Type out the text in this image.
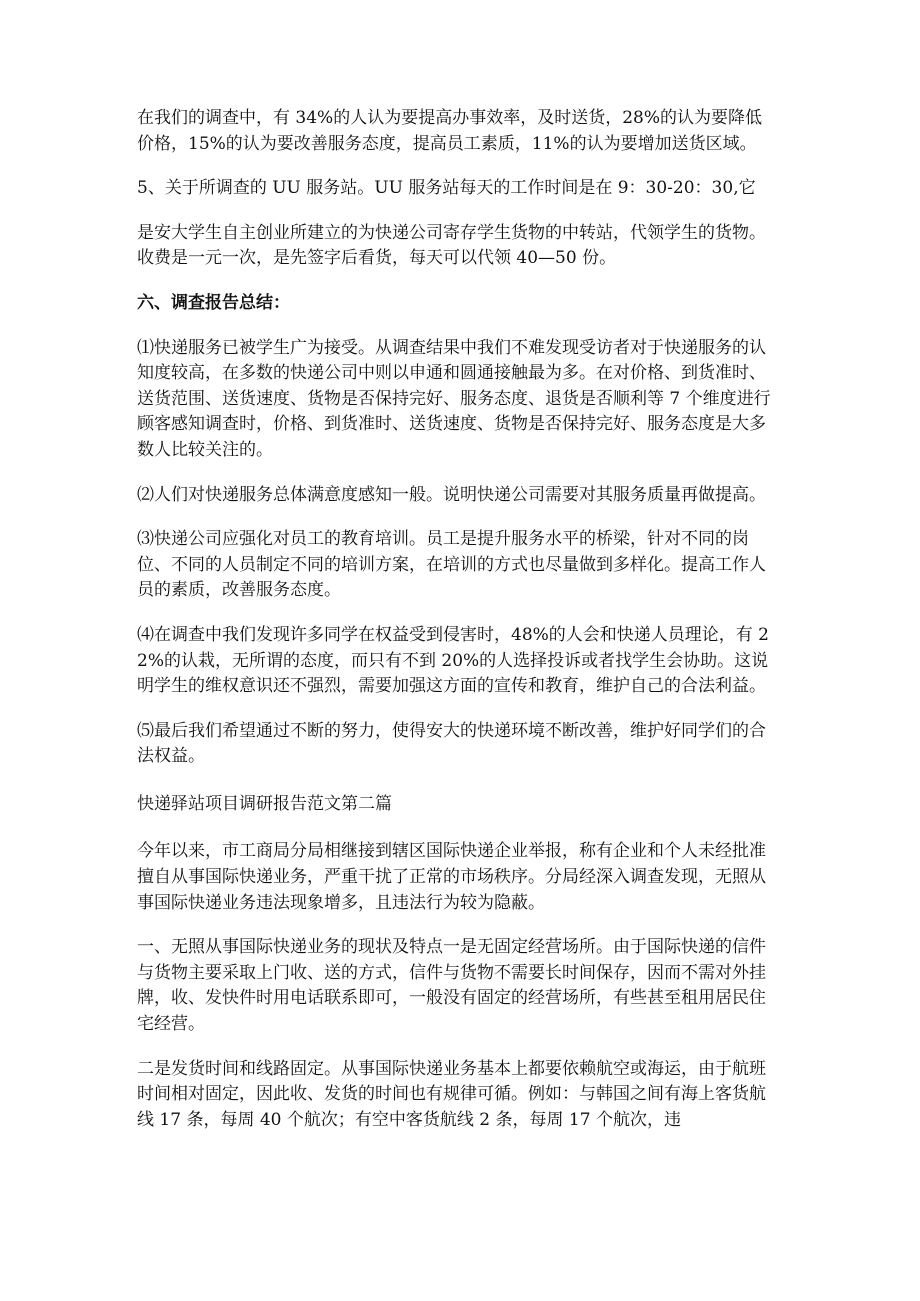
在我们的调查中，有 34%的人认为要提高办事效率，及时送货，28%的认为要降低价格，15%的认为要改善服务态度，提高员工素质，11%的认为要增加送货区域。

5、关于所调查的 UU 服务站。UU 服务站每天的工作时间是在 9：30-20：30,它

是安大学生自主创业所建立的为快递公司寄存学生货物的中转站，代领学生的货物。收费是一元一次，是先签字后看货，每天可以代领 40—50 份。

六、调查报告总结：

⑴快递服务已被学生广为接受。从调查结果中我们不难发现受访者对于快递服务的认知度较高，在多数的快递公司中则以申通和圆通接触最为多。在对价格、到货准时、送货范围、送货速度、货物是否保持完好、服务态度、退货是否顺利等 7 个维度进行顾客感知调查时，价格、到货准时、送货速度、货物是否保持完好、服务态度是大多数人比较关注的。

⑵人们对快递服务总体满意度感知一般。说明快递公司需要对其服务质量再做提高。

⑶快递公司应强化对员工的教育培训。员工是提升服务水平的桥梁，针对不同的岗位、不同的人员制定不同的培训方案，在培训的方式也尽量做到多样化。提高工作人员的素质，改善服务态度。

⑷在调查中我们发现许多同学在权益受到侵害时，48%的人会和快递人员理论，有 22%的认栽，无所谓的态度，而只有不到 20%的人选择投诉或者找学生会协助。这说明学生的维权意识还不强烈，需要加强这方面的宣传和教育，维护自己的合法利益。

⑸最后我们希望通过不断的努力，使得安大的快递环境不断改善，维护好同学们的合法权益。

快递驿站项目调研报告范文第二篇

今年以来，市工商局分局相继接到辖区国际快递企业举报，称有企业和个人未经批准擅自从事国际快递业务，严重干扰了正常的市场秩序。分局经深入调查发现，无照从事国际快递业务违法现象增多，且违法行为较为隐蔽。

一、无照从事国际快递业务的现状及特点一是无固定经营场所。由于国际快递的信件与货物主要采取上门收、送的方式，信件与货物不需要长时间保存，因而不需对外挂牌，收、发快件时用电话联系即可，一般没有固定的经营场所，有些甚至租用居民住宅经营。

二是发货时间和线路固定。从事国际快递业务基本上都要依赖航空或海运，由于航班时间相对固定，因此收、发货的时间也有规律可循。例如：与韩国之间有海上客货航线 17 条，每周 40 个航次；有空中客货航线 2 条，每周 17 个航次，违
